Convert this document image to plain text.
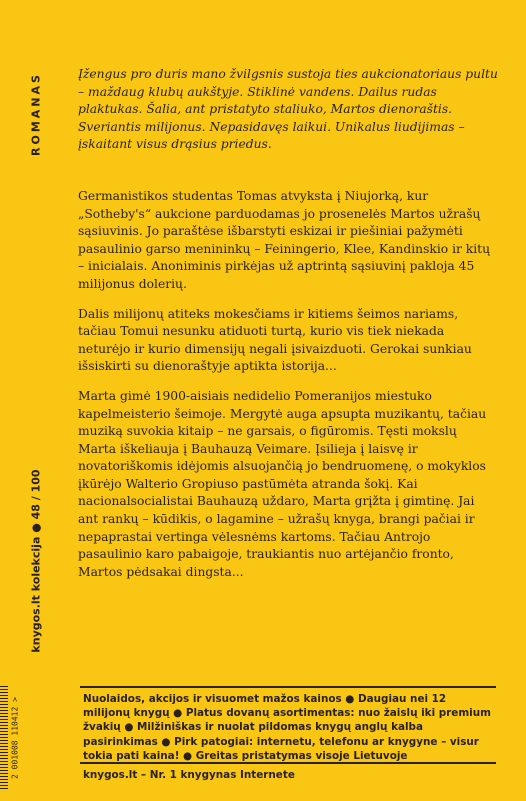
ROMANAS	Įžengus pro duris mano žvilgsnis sustoja ties aukcionatoriaus pultu – maždaug klubų aukštyje. Stiklinė vandens. Dailus rudas plaktukas. Šalia, ant pristatyto staliuko, Martos dienoraštis. Sveriantis milijonus. Nepasidavęs laikui. Unikalus liudijimas – įskaitant visus drąsius priedus.

Germanistikos studentas Tomas atvyksta į Niujorką, kur „Sotheby's“ aukcione parduodamas jo prosenelės Martos užrašų sąsiuvinis. Jo paraštėse išbarstyti eskizai ir piešiniai pažymėti pasaulinio garso menininkų – Feiningerio, Klee, Kandinskio ir kitų – inicialais. Anoniminis pirkėjas už aptrintą sąsiuvinį pakloja 45 milijonus dolerių.

Dalis milijonų atiteks mokesčiams ir kitiems šeimos nariams, tačiau Tomui nesunku atiduoti turtą, kurio vis tiek niekada neturėjo ir kurio dimensijų negali įsivaizduoti. Gerokai sunkiau išsiskirti su dienoraštyje aptikta istorija...

Marta gimė 1900-aisiais nedidelio Pomeranijos miestuko kapelmeisterio šeimoje. Mergytė auga apsupta muzikantų, tačiau muziką suvokia kitaip – ne garsais, o figūromis. Tęsti mokslų Marta iškeliauja į Bauhauzą Veimare. Įsilieja į laisvę ir novatoriškomis idėjomis alsuojančią jo bendruomenę, o mokyklos įkūrėjo Walterio Gropiuso pastūmėta atranda šokį. Kai nacionalsocialistai Bauhauzą uždaro, Marta grįžta į gimtinę. Jai ant rankų – kūdikis, o lagamine – užrašų knyga, brangi pačiai ir nepaprastai vertinga vėlesnėms kartoms. Tačiau Antrojo pasaulinio karo pabaigoje, traukiantis nuo artėjančio fronto, Martos pėdsakai dingsta...

knygos.lt kolekcija ● 48 / 100
2 001008 110412 >	Nuolaidos, akcijos ir visuomet mažos kainos ● Daugiau nei 12 milijonų knygų ● Platus dovanų asortimentas: nuo žaislų iki premium žvakių ● Milžiniškas ir nuolat pildomas knygų anglų kalba pasirinkimas ● Pirk patogiai: internetu, telefonu ar knygyne – visur tokia pati kaina! ● Greitas pristatymas visoje Lietuvoje

knygos.lt – Nr. 1 knygynas Internete
